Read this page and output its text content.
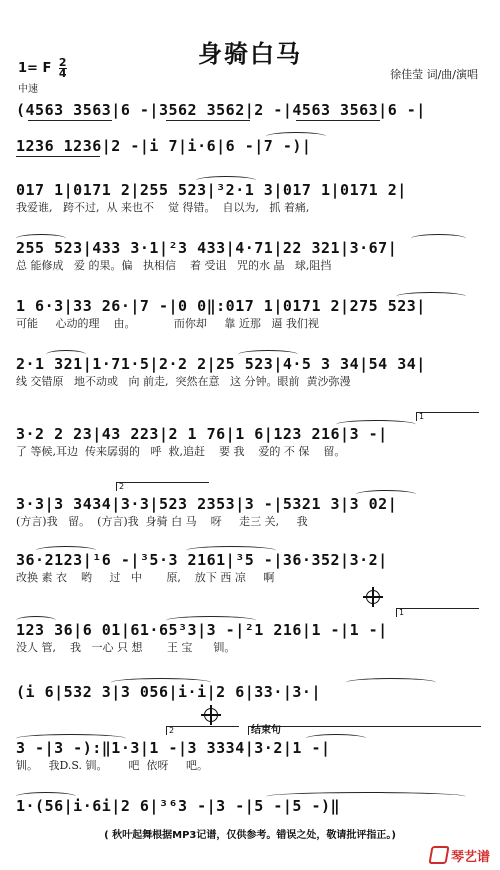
身骑白马
1= F $\frac{2}{4}$
中速
徐佳莹 词/曲/演唱
(4563 3563|6 -|3562 3562|2 -|4563 3563|6 -|
1236 1236|2 -|i 7|i·6|6 -|7 -)|
017 1|0171 2|255 523|³2·1 3|017 1|0171 2|
我爱谁,   跨不过,  从 来也不    觉 得错。  自以为,   抓 着痛,
255 523|433 3·1|²3 433|4·71|22 321|3·67|
总 能修成   爱 的果。偏   执相信    着 受诅   咒的水 晶   球,阻挡
1 6·3|33 26·|7 -|0 0‖:017 1|0171 2|275 523|
可能     心动的理    由。           而你却     靠 近那   逼 我们视
2·1 321|1·71·5|2·2 2|25 523|4·5 3 34|54 34|
线 交错原   地不动或   向 前走,  突然在意   这 分钟。眼前  黄沙弥漫
1
3·2 2 23|43 223|2 1 76|1 6|123 216|3 -|
了 等候,耳边  传来孱弱的   呼  救,追赶    要 我    爱的 不 保    留。
2
3·3|3 3434|3·3|523 2353|3 -|5321 3|3 02|
(方言)我   留。  (方言)我  身骑 白 马    呀     走三 关,     我
36·2123|¹6 -|³5·3 2161|³5 -|36·352|3·2|
改换 素 衣    哟     过   中       原,    放下 西 凉     啊
1
123 36|6 01|61·65³3|3 -|²1 216|1 -|1 -|
没人 管,    我   一心 只 想       王 宝      钏。
(i 6|532 3|3 056|i·i|2 6|33·|3·|
2	结束句
3 -|3 -):‖1·3|1 -|3 3334|3·2|1 -|
钏。   我D.S. 钏。      吧  依呀     吧。
1·(56|i·6i|2 6|³⁶3 -|3 -|5 -|5 -)‖
( 秋叶起舞根据MP3记谱，仅供参考。错误之处，敬请批评指正。)
琴艺谱
